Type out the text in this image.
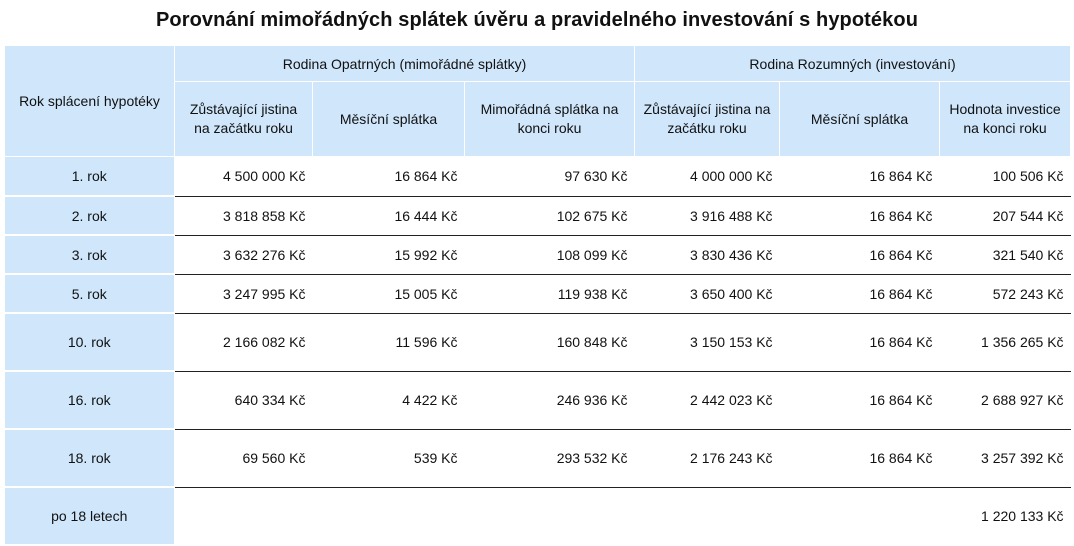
Porovnání mimořádných splátek úvěru a pravidelného investování s hypotékou
Rok splácení hypotéky	Rodina Opatrných (mimořádné splátky)			Rodina Rozumných (investování)		
	Zůstávající jistina na začátku roku	Měsíční splátka	Mimořádná splátka na konci roku	Zůstávající jistina na začátku roku	Měsíční splátka	Hodnota investice na konci roku
1. rok	4 500 000 Kč	16 864 Kč	97 630 Kč	4 000 000 Kč	16 864 Kč	100 506 Kč
2. rok	3 818 858 Kč	16 444 Kč	102 675 Kč	3 916 488 Kč	16 864 Kč	207 544 Kč
3. rok	3 632 276 Kč	15 992 Kč	108 099 Kč	3 830 436 Kč	16 864 Kč	321 540 Kč
5. rok	3 247 995 Kč	15 005 Kč	119 938 Kč	3 650 400 Kč	16 864 Kč	572 243 Kč
10. rok	2 166 082 Kč	11 596 Kč	160 848 Kč	3 150 153 Kč	16 864 Kč	1 356 265 Kč
16. rok	640 334 Kč	4 422 Kč	246 936 Kč	2 442 023 Kč	16 864 Kč	2 688 927 Kč
18. rok	69 560 Kč	539 Kč	293 532 Kč	2 176 243 Kč	16 864 Kč	3 257 392 Kč
po 18 letech						1 220 133 Kč
